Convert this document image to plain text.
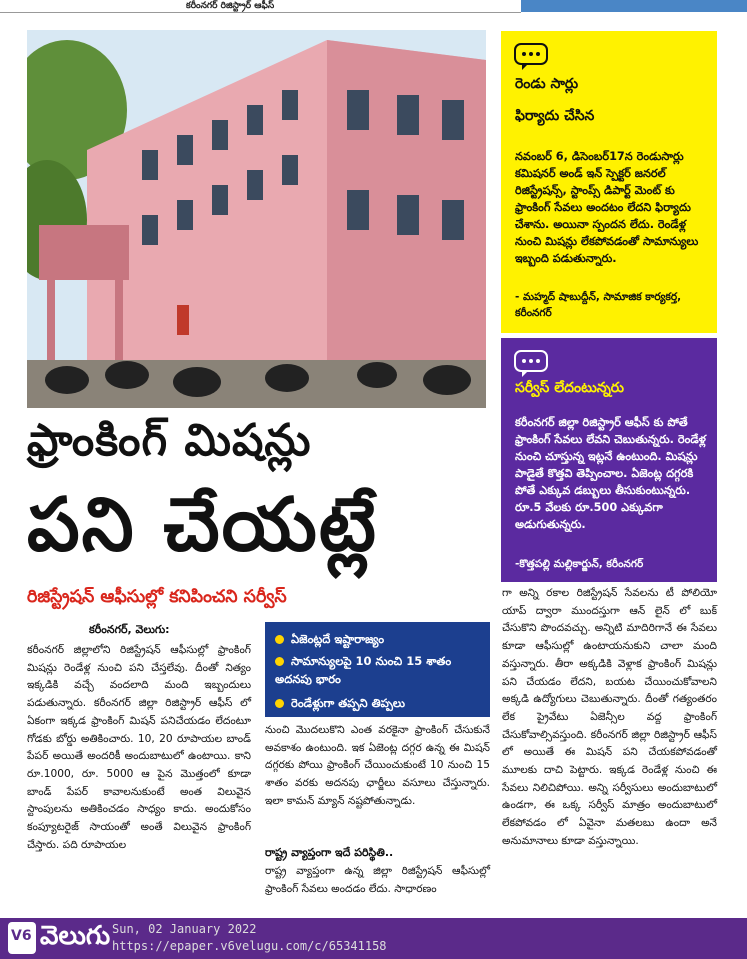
కరీంనగర్ రిజిస్ట్రార్ ఆఫీస్
రెండు సార్లు
ఫిర్యాదు చేసిన
నవంబర్ 6, డిసెంబర్17న రెండుసార్లు కమిషనర్ అండ్ ఇన్ స్పెక్టర్ జనరల్ రిజిస్ట్రేషన్స్, స్టాంప్స్ డిపార్ట్ మెంట్ కు ఫ్రాంకింగ్ సేవలు అందటం లేదని ఫిర్యాదు చేశాను. అయినా స్పందన లేదు. రెండేళ్ల నుంచి మిషన్లు లేకపోవడంతో సామాన్యులు ఇబ్బంది పడుతున్నారు.
- మహ్మద్ షాబుద్దీన్, సామాజిక కార్యకర్త, కరీంనగర్
సర్వీస్ లేదంటున్నరు
కరీంనగర్ జిల్లా రిజిస్ట్రార్ ఆఫీస్ కు పోతే ఫ్రాంకింగ్ సేవలు లేవని చెబుతున్నరు. రెండేళ్ల నుంచి చూస్తున్న ఇట్లనే ఉంటుంది. మిషన్లు పాడైతే కొత్తవి తెప్పించాల. ఏజెంట్ల దగ్గరకి పోతే ఎక్కువ డబ్బులు తీసుకుంటున్నరు. రూ.5 వేలకు రూ.500 ఎక్కువగా అడుగుతున్నరు.
-కొత్తపల్లి మల్లికార్జున్, కరీంనగర్
ఫ్రాంకింగ్ మిషన్లు
పని చేయట్లే
రిజిస్ట్రేషన్ ఆఫీసుల్లో కనిపించని సర్వీస్
కరీంనగర్, వెలుగు:
కరీంనగర్ జిల్లాలోని రిజిస్ట్రేషన్ ఆఫీసుల్లో ఫ్రాంకింగ్ మిషన్లు రెండేళ్ల నుంచి పని చేస్తలేవు. దీంతో నిత్యం ఇక్కడికి వచ్చే వందలాది మంది ఇబ్బందులు పడుతున్నారు. కరీంనగర్ జిల్లా రిజిస్ట్రార్ ఆఫీస్ లో ఏకంగా ఇక్కడ ఫ్రాంకింగ్ మిషన్ పనిచేయడం లేదంటూ గోడకు బోర్డు అతికించారు. 10, 20 రూపాయల బాండ్ పేపర్ అయితే అందరికీ అందుబాటులో ఉంటాయి. కాని రూ.1000, రూ. 5000 ఆ పైన మొత్తంలో కూడా బాండ్ పేపర్ కావాలనుకుంటే అంత విలువైన స్టాంపులను అతికించడం సాధ్యం కాదు. అందుకోసం కంప్యూటరైజ్ సాయంతో అంతే విలువైన ఫ్రాంకింగ్ చేస్తారు. పది రూపాయల
ఏజెంట్లదే ఇష్టారాజ్యం
సామాన్యులపై 10 నుంచి 15 శాతం అదనపు భారం
రెండేళ్లుగా తప్పని తిప్పలు
నుంచి మొదలుకొని ఎంత వరకైనా ఫ్రాంకింగ్ చేసుకునే అవకాశం ఉంటుంది. ఇక ఏజెంట్ల దగ్గర ఉన్న ఈ మిషన్ దగ్గరకు పోయి ఫ్రాంకింగ్ చేయించుకుంటే 10 నుంచి 15 శాతం వరకు అదనపు ఛార్జీలు వసూలు చేస్తున్నారు. ఇలా కామన్ మ్యాన్ నష్టపోతున్నాడు.
రాష్ట్ర వ్యాప్తంగా ఇదే పరిస్థితి..
రాష్ట్ర వ్యాప్తంగా ఉన్న జిల్లా రిజిస్ట్రేషన్ ఆఫీసుల్లో ఫ్రాంకింగ్ సేవలు అందడం లేదు. సాధారణం
గా అన్ని రకాల రిజిస్ట్రేషన్ సేవలను టీ పోలియో యాప్ ద్వారా ముందస్తుగా ఆన్ లైన్ లో బుక్ చేసుకొని పొందవచ్చు. అన్నిటి మాదిరిగానే ఈ సేవలు కూడా ఆఫీసుల్లో ఉంటాయనుకుని చాలా మంది వస్తున్నారు. తీరా అక్కడికి వెళ్లాక ఫ్రాంకింగ్ మిషన్లు పని చేయడం లేదని, బయట చేయించుకోవాలని అక్కడి ఉద్యోగులు చెబుతున్నారు. దీంతో గత్యంతరం లేక ప్రైవేటు ఏజెన్సీల వద్ద ఫ్రాంకింగ్ చేసుకోవాల్సివస్తుంది. కరీంనగర్ జిల్లా రిజిస్ట్రార్ ఆఫీస్ లో అయితే ఈ మిషన్ పని చేయకపోవడంతో మూలకు దాచి పెట్టారు. ఇక్కడ రెండేళ్ల నుంచి ఈ సేవలు నిలిచిపోయి. అన్ని సర్వీసులు అందుబాటులో ఉండగా, ఈ ఒక్క సర్వీస్ మాత్రం అందుబాటులో లేకపోవడం లో ఏవైనా మతలబు ఉందా అనే అనుమానాలు కూడా వస్తున్నాయి.
V6 వెలుగు Sun, 02 January 2022
https://epaper.v6velugu.com/c/65341158
